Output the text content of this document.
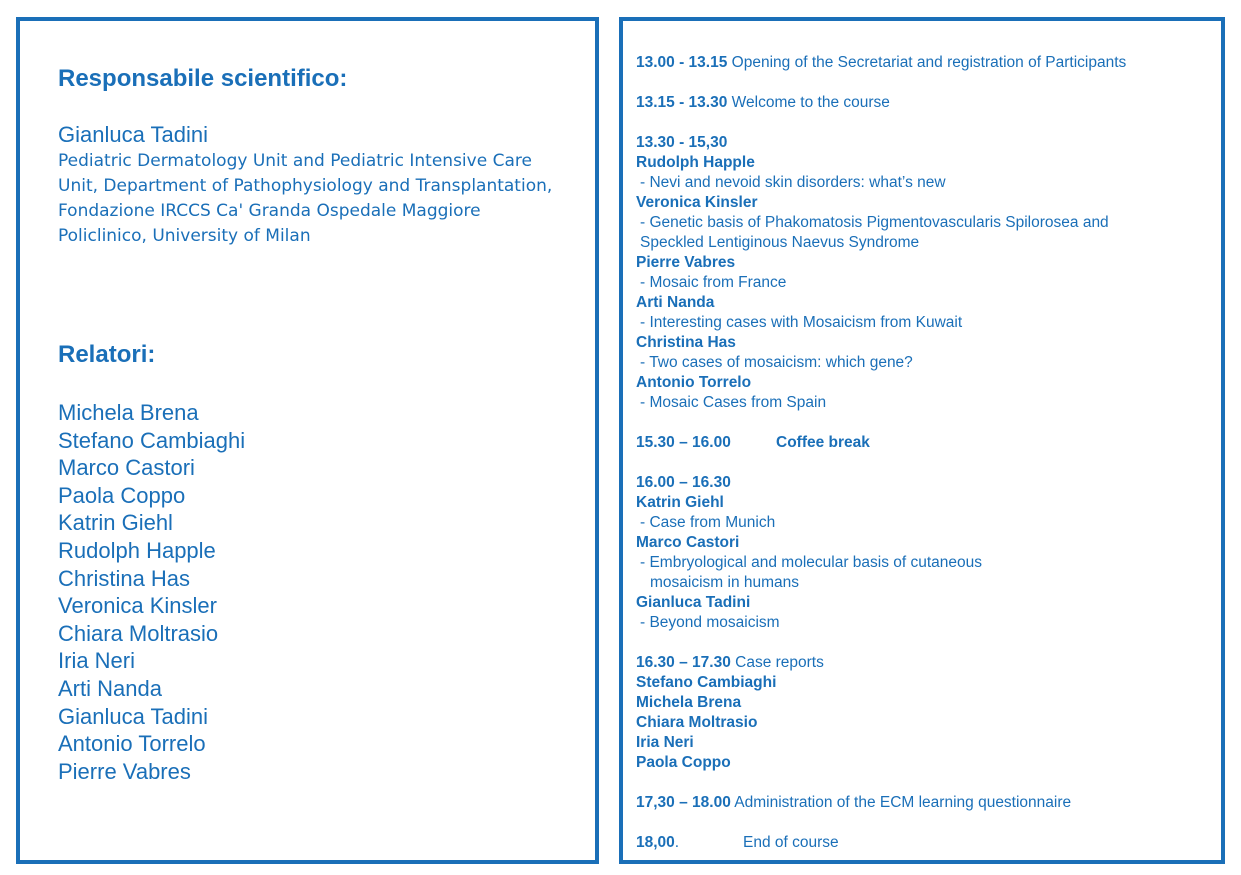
Responsabile scientifico:
Gianluca Tadini
Pediatric Dermatology Unit and Pediatric Intensive Care Unit, Department of Pathophysiology and Transplantation, Fondazione IRCCS Ca' Granda Ospedale Maggiore Policlinico, University of Milan
Relatori:
Michela Brena
Stefano Cambiaghi
Marco Castori
Paola Coppo
Katrin Giehl
Rudolph Happle
Christina Has
Veronica Kinsler
Chiara Moltrasio
Iria Neri
Arti Nanda
Gianluca Tadini
Antonio Torrelo
Pierre Vabres
13.00 - 13.15 Opening of the Secretariat and registration of Participants
13.15 - 13.30 Welcome to the course
13.30 - 15,30
Rudolph Happle
- Nevi and nevoid skin disorders: what’s new
Veronica Kinsler
- Genetic basis of Phakomatosis Pigmentovascularis Spilorosea and
Speckled Lentiginous Naevus Syndrome
Pierre Vabres
- Mosaic from France
Arti Nanda
- Interesting cases with Mosaicism from Kuwait
Christina Has
- Two cases of mosaicism: which gene?
Antonio Torrelo
- Mosaic Cases from Spain
15.30 – 16.00	Coffee break
16.00 – 16.30
Katrin Giehl
- Case from Munich
Marco Castori
- Embryological and molecular basis of cutaneous
mosaicism in humans
Gianluca Tadini
- Beyond mosaicism
16.30 – 17.30 Case reports
Stefano Cambiaghi
Michela Brena
Chiara Moltrasio
Iria Neri
Paola Coppo
17,30 – 18.00 Administration of the ECM learning questionnaire
18,00.	End of course
